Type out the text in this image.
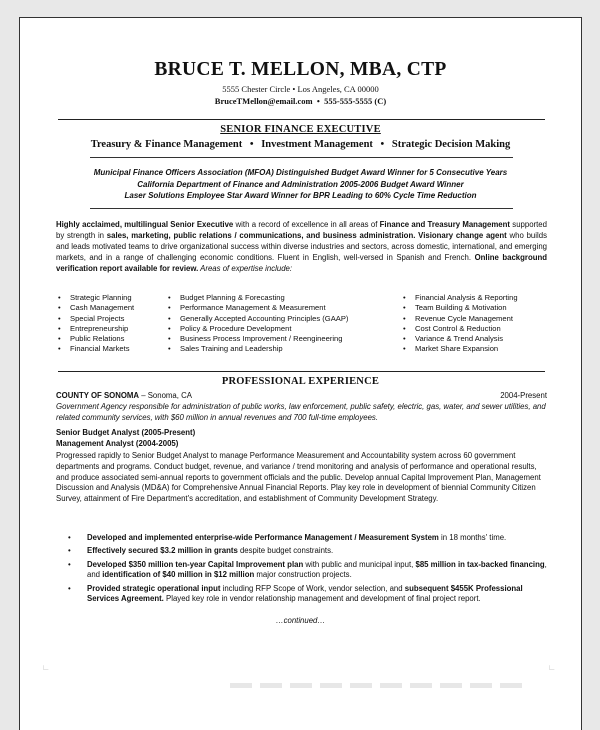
BRUCE T. MELLON, MBA, CTP
5555 Chester Circle • Los Angeles, CA 00000
BruceTMellon@email.com  •  555-555-5555 (C)
SENIOR FINANCE EXECUTIVE
Treasury & Finance Management • Investment Management • Strategic Decision Making
Municipal Finance Officers Association (MFOA) Distinguished Budget Award Winner for 5 Consecutive Years
California Department of Finance and Administration 2005-2006 Budget Award Winner
Laser Solutions Employee Star Award Winner for BPR Leading to 60% Cycle Time Reduction
Highly acclaimed, multilingual Senior Executive with a record of excellence in all areas of Finance and Treasury Management supported by strength in sales, marketing, public relations / communications, and business administration. Visionary change agent who builds and leads motivated teams to drive organizational success within diverse industries and sectors, across domestic, international, and emerging markets, and in a range of challenging economic conditions. Fluent in English, well-versed in Spanish and French. Online background verification report available for review. Areas of expertise include:
• Strategic Planning
• Cash Management
• Special Projects
• Entrepreneurship
• Public Relations
• Financial Markets
• Budget Planning & Forecasting
• Performance Management & Measurement
• Generally Accepted Accounting Principles (GAAP)
• Policy & Procedure Development
• Business Process Improvement / Reengineering
• Sales Training and Leadership
• Financial Analysis & Reporting
• Team Building & Motivation
• Revenue Cycle Management
• Cost Control & Reduction
• Variance & Trend Analysis
• Market Share Expansion
PROFESSIONAL EXPERIENCE
COUNTY OF SONOMA – Sonoma, CA	2004-Present
Government Agency responsible for administration of public works, law enforcement, public safety, electric, gas, water, and sewer utilities, and related community services, with $60 million in annual revenues and 700 full-time employees.
Senior Budget Analyst (2005-Present)
Management Analyst (2004-2005)
Progressed rapidly to Senior Budget Analyst to manage Performance Measurement and Accountability system across 60 government departments and programs. Conduct budget, revenue, and variance / trend monitoring and analysis of performance and operational results, and produce associated semi-annual reports to government officials and the public. Develop annual Capital Improvement Plan, Management Discussion and Analysis (MD&A) for Comprehensive Annual Financial Reports. Play key role in development of biennial Community Citizen Survey, attainment of Fire Department's accreditation, and establishment of Community Development Strategy.
• Developed and implemented enterprise-wide Performance Management / Measurement System in 18 months' time.
• Effectively secured $3.2 million in grants despite budget constraints.
• Developed $350 million ten-year Capital Improvement plan with public and municipal input, $85 million in tax-backed financing, and identification of $40 million in $12 million major construction projects.
• Provided strategic operational input including RFP Scope of Work, vendor selection, and subsequent $455K Professional Services Agreement. Played key role in vendor relationship management and development of final project report.
…continued…
∟	∟
